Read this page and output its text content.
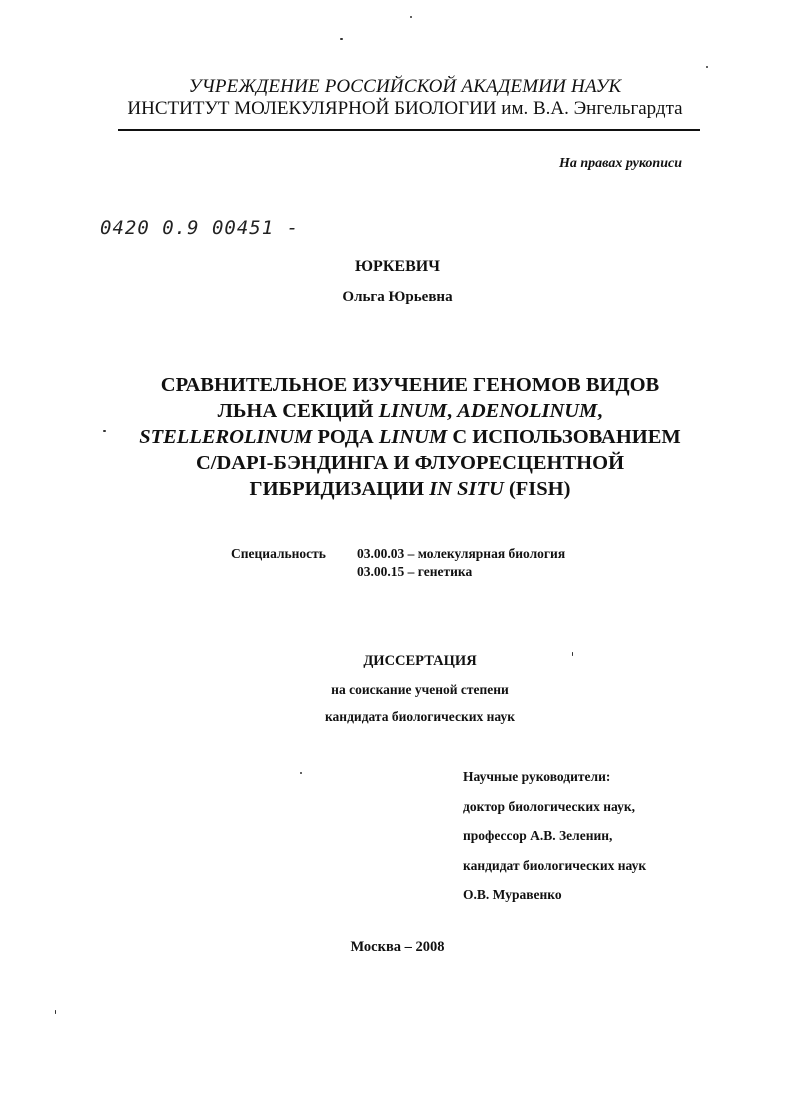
УЧРЕЖДЕНИЕ РОССИЙСКОЙ АКАДЕМИИ НАУК
ИНСТИТУТ МОЛЕКУЛЯРНОЙ БИОЛОГИИ им. В.А. Энгельгардта
На правах рукописи
0420 0.9 00451 -
ЮРКЕВИЧ
Ольга Юрьевна
СРАВНИТЕЛЬНОЕ ИЗУЧЕНИЕ ГЕНОМОВ ВИДОВ
ЛЬНА СЕКЦИЙ LINUM, ADENOLINUM,
STELLEROLINUM РОДА LINUM С ИСПОЛЬЗОВАНИЕМ
C/DAPI-БЭНДИНГА И ФЛУОРЕСЦЕНТНОЙ
ГИБРИДИЗАЦИИ IN SITU (FISH)
Специальность 03.00.03 – молекулярная биология
03.00.15 – генетика
ДИССЕРТАЦИЯ
на соискание ученой степени
кандидата биологических наук
Научные руководители:
доктор биологических наук,
профессор А.В. Зеленин,
кандидат биологических наук
О.В. Муравенко
Москва – 2008
